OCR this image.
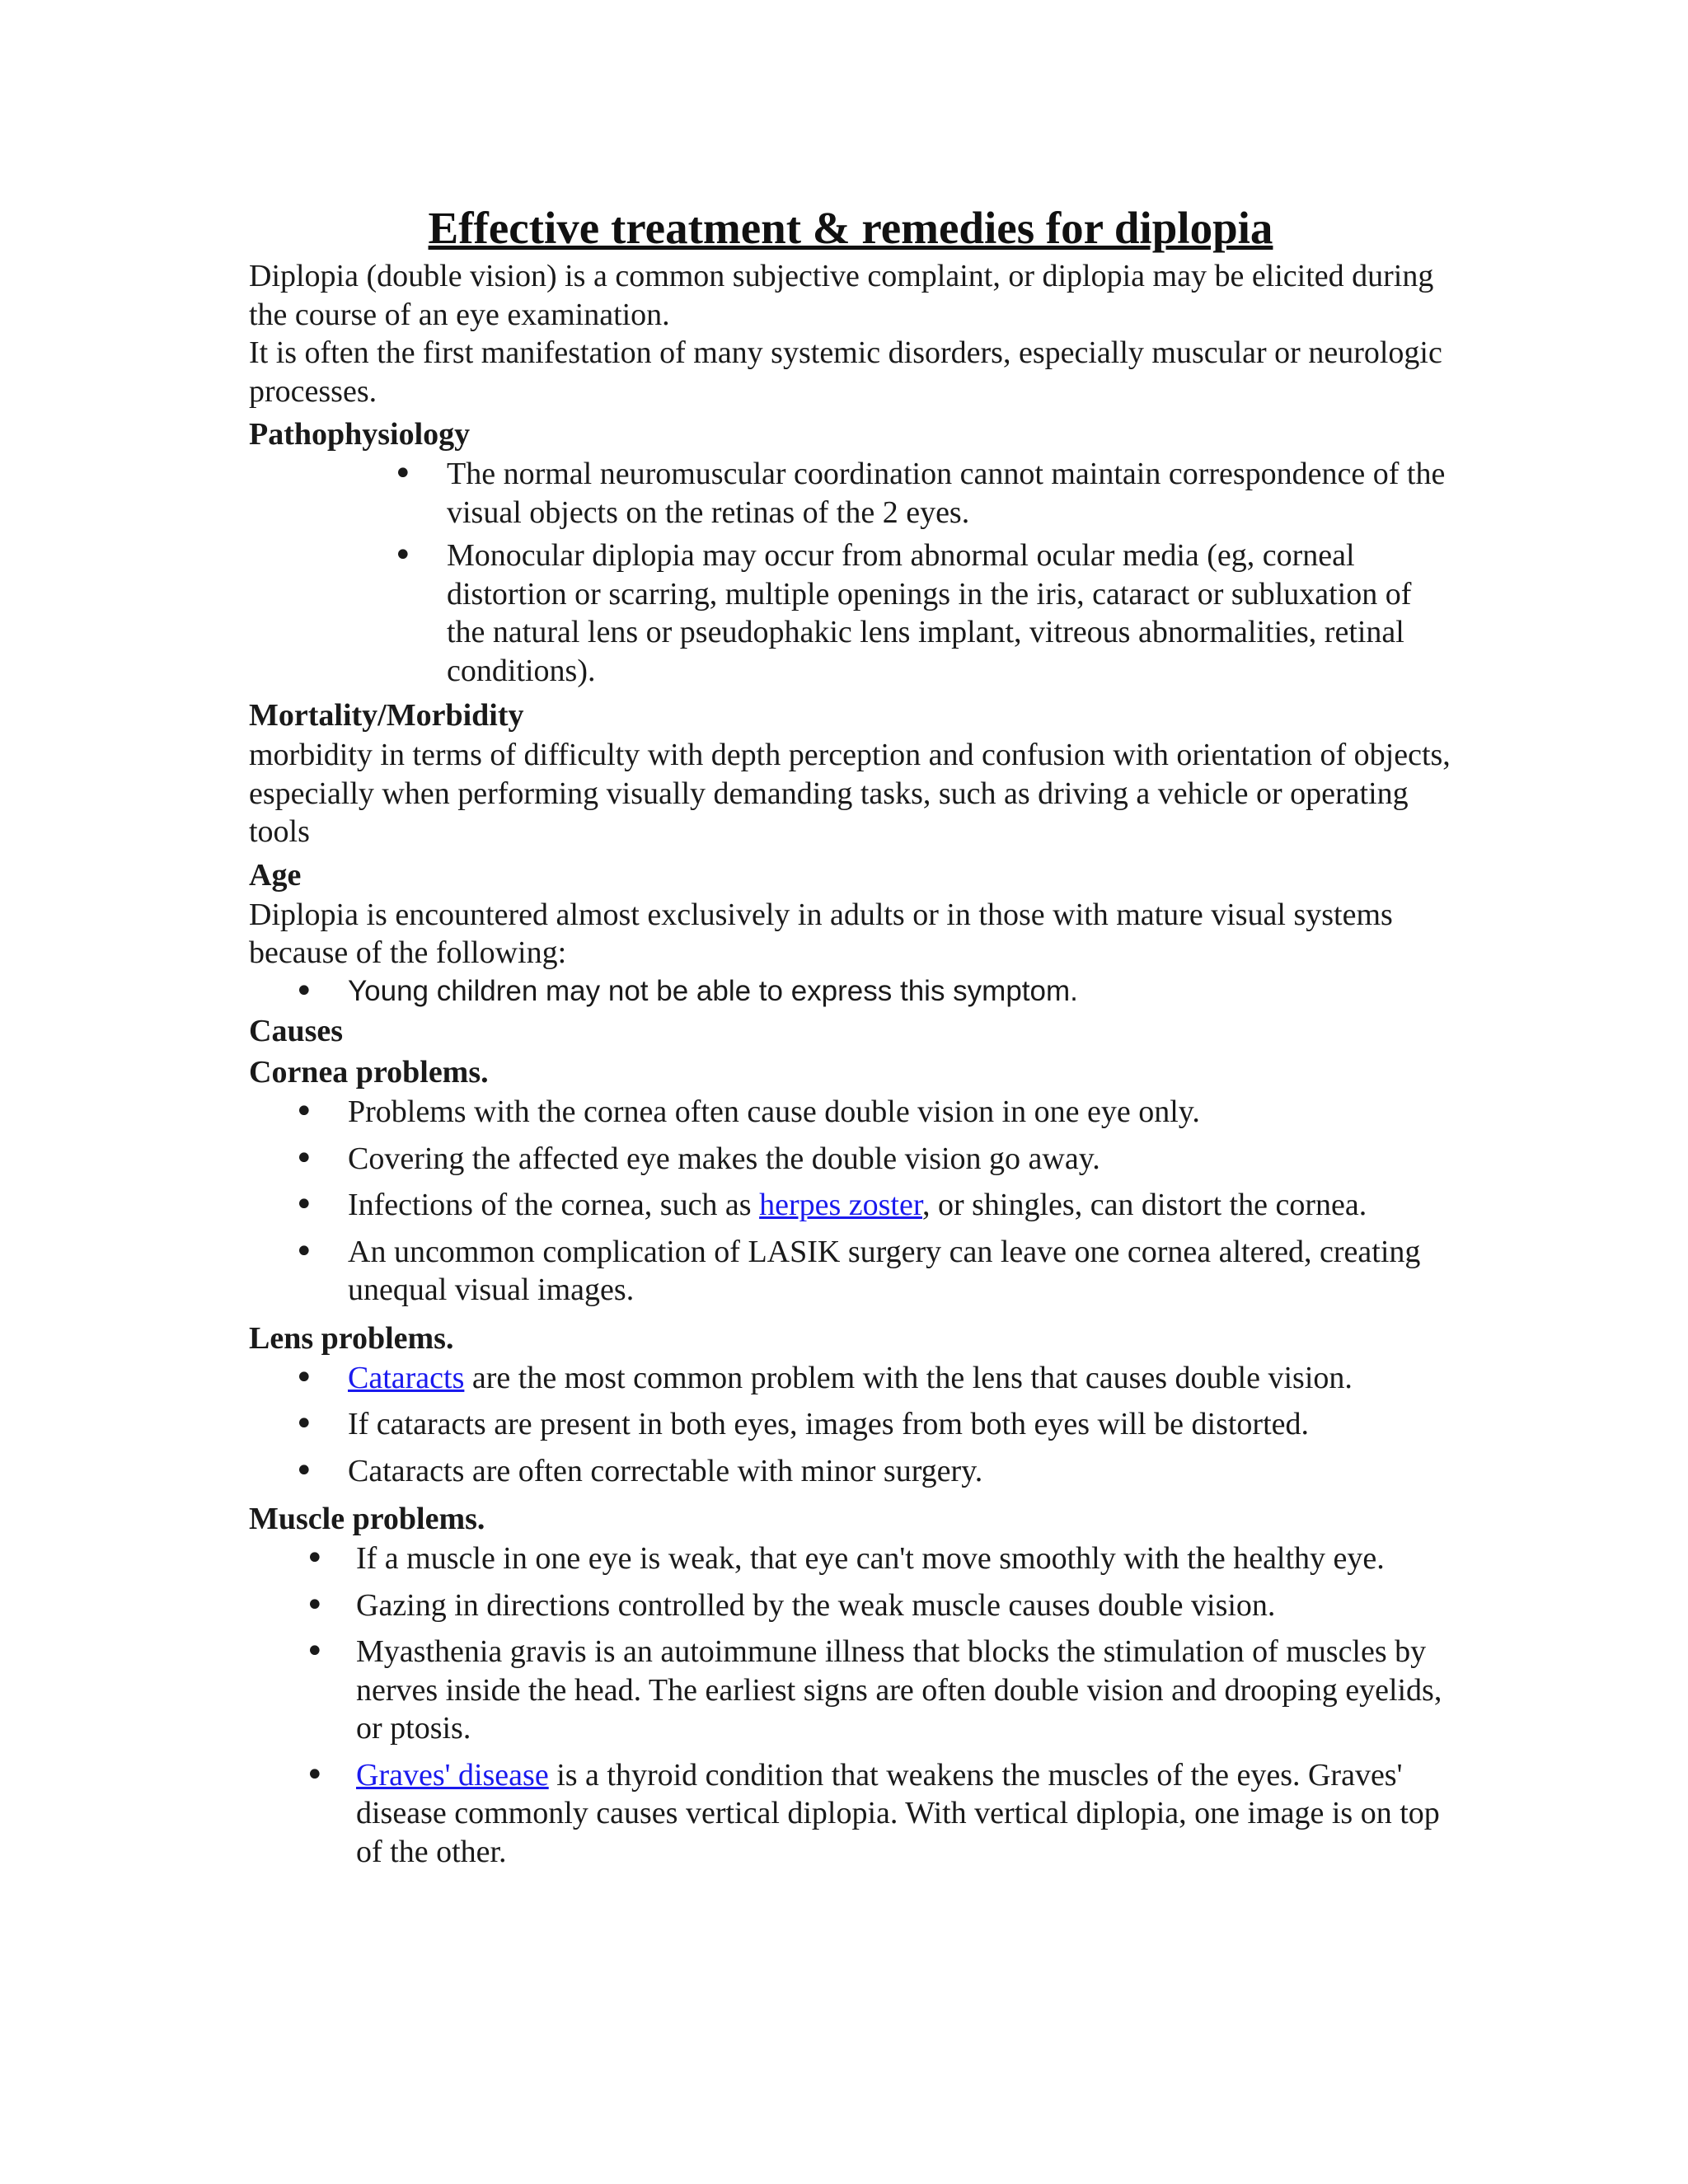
Effective treatment & remedies for diplopia

Diplopia (double vision) is a common subjective complaint, or diplopia may be elicited during the course of an eye examination.

It is often the first manifestation of many systemic disorders, especially muscular or neurologic processes.

Pathophysiology
• The normal neuromuscular coordination cannot maintain correspondence of the visual objects on the retinas of the 2 eyes.
• Monocular diplopia may occur from abnormal ocular media (eg, corneal distortion or scarring, multiple openings in the iris, cataract or subluxation of the natural lens or pseudophakic lens implant, vitreous abnormalities, retinal conditions).
Mortality/Morbidity

morbidity in terms of difficulty with depth perception and confusion with orientation of objects, especially when performing visually demanding tasks, such as driving a vehicle or operating tools

Age

Diplopia is encountered almost exclusively in adults or in those with mature visual systems because of the following:

• Young children may not be able to express this symptom.
Causes
Cornea problems.
• Problems with the cornea often cause double vision in one eye only.
• Covering the affected eye makes the double vision go away.
• Infections of the cornea, such as herpes zoster, or shingles, can distort the cornea.
• An uncommon complication of LASIK surgery can leave one cornea altered, creating unequal visual images.
Lens problems.
• Cataracts are the most common problem with the lens that causes double vision.
• If cataracts are present in both eyes, images from both eyes will be distorted.
• Cataracts are often correctable with minor surgery.
Muscle problems.
• If a muscle in one eye is weak, that eye can't move smoothly with the healthy eye.
• Gazing in directions controlled by the weak muscle causes double vision.
• Myasthenia gravis is an autoimmune illness that blocks the stimulation of muscles by nerves inside the head. The earliest signs are often double vision and drooping eyelids, or ptosis.
• Graves' disease is a thyroid condition that weakens the muscles of the eyes. Graves' disease commonly causes vertical diplopia. With vertical diplopia, one image is on top of the other.
